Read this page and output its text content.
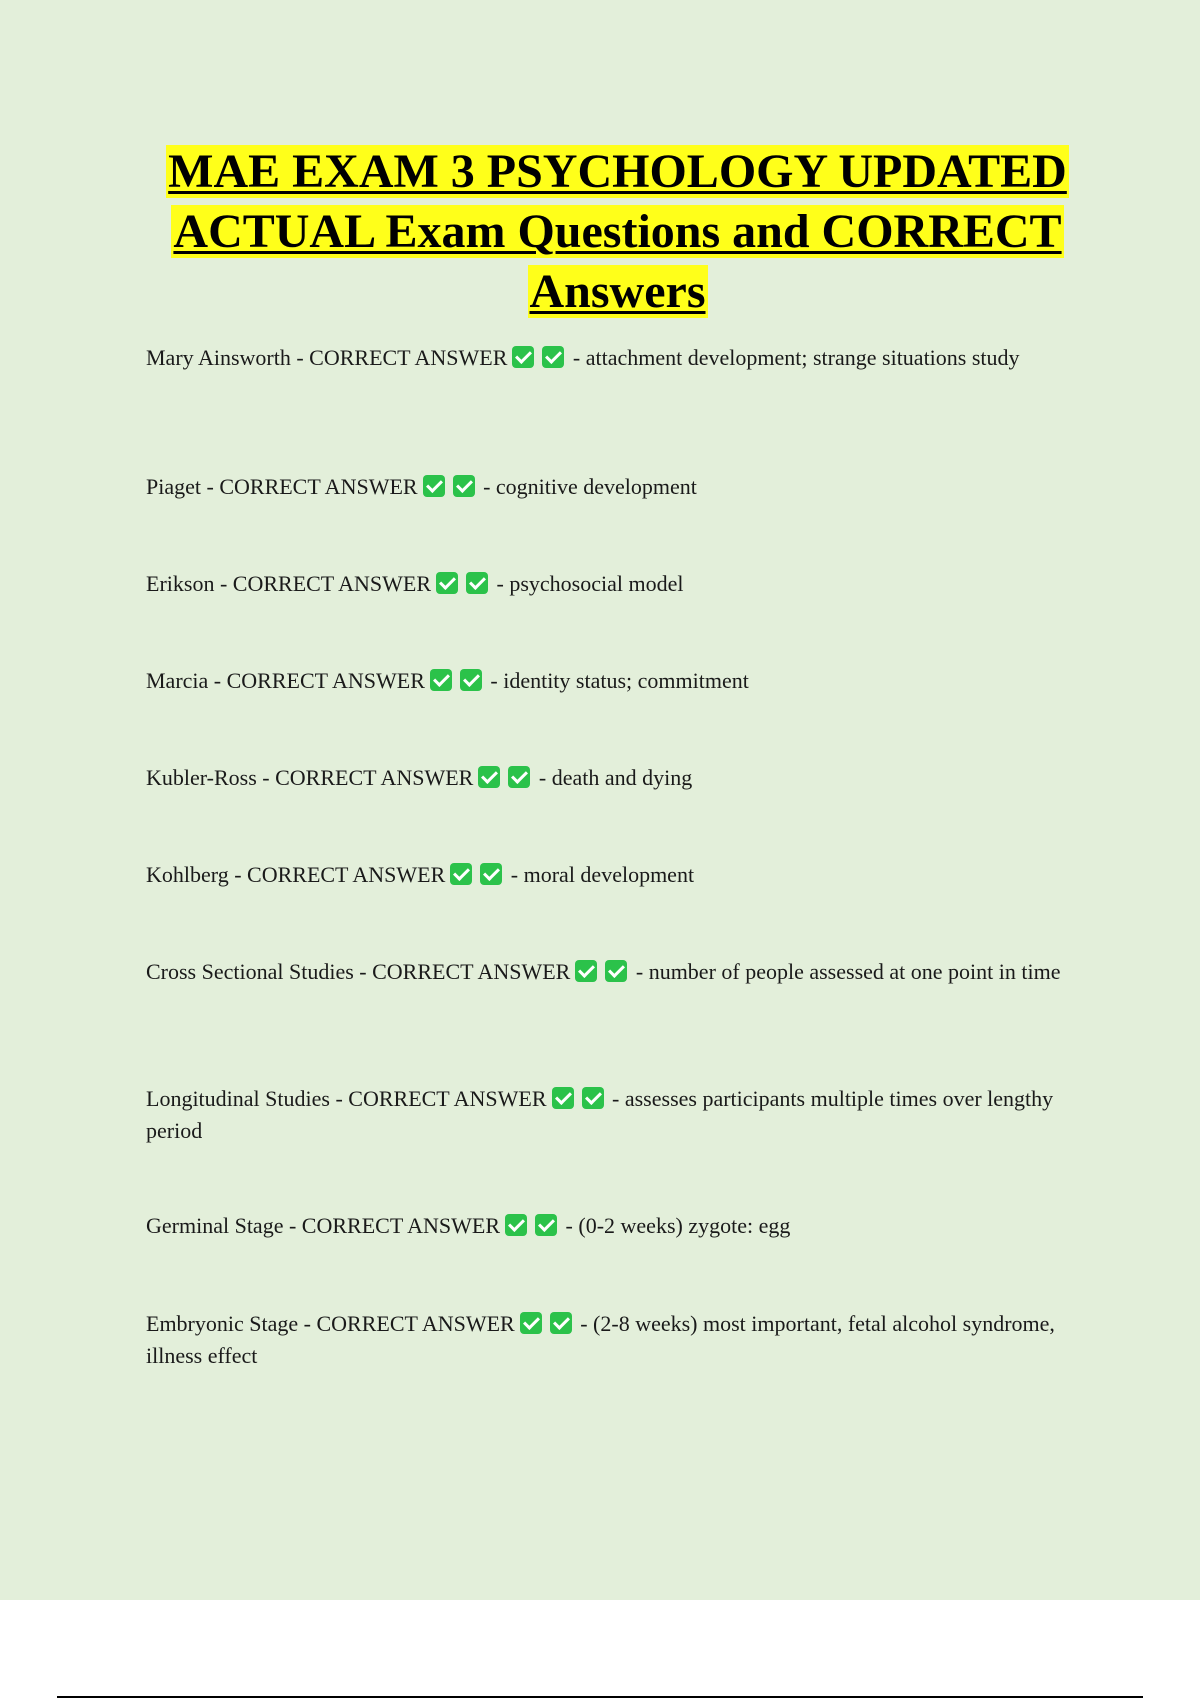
MAE EXAM 3 PSYCHOLOGY UPDATED ACTUAL Exam Questions and CORRECT Answers
Mary Ainsworth - CORRECT ANSWER	- attachment development; strange situations study
Piaget - CORRECT ANSWER	- cognitive development
Erikson - CORRECT ANSWER	- psychosocial model
Marcia - CORRECT ANSWER	- identity status; commitment
Kubler-Ross - CORRECT ANSWER	- death and dying
Kohlberg - CORRECT ANSWER	- moral development
Cross Sectional Studies - CORRECT ANSWER	- number of people assessed at one point in time
Longitudinal Studies - CORRECT ANSWER	- assesses participants multiple times over lengthy period
Germinal Stage - CORRECT ANSWER	- (0-2 weeks) zygote: egg
Embryonic Stage - CORRECT ANSWER	- (2-8 weeks) most important, fetal alcohol syndrome, illness effect
